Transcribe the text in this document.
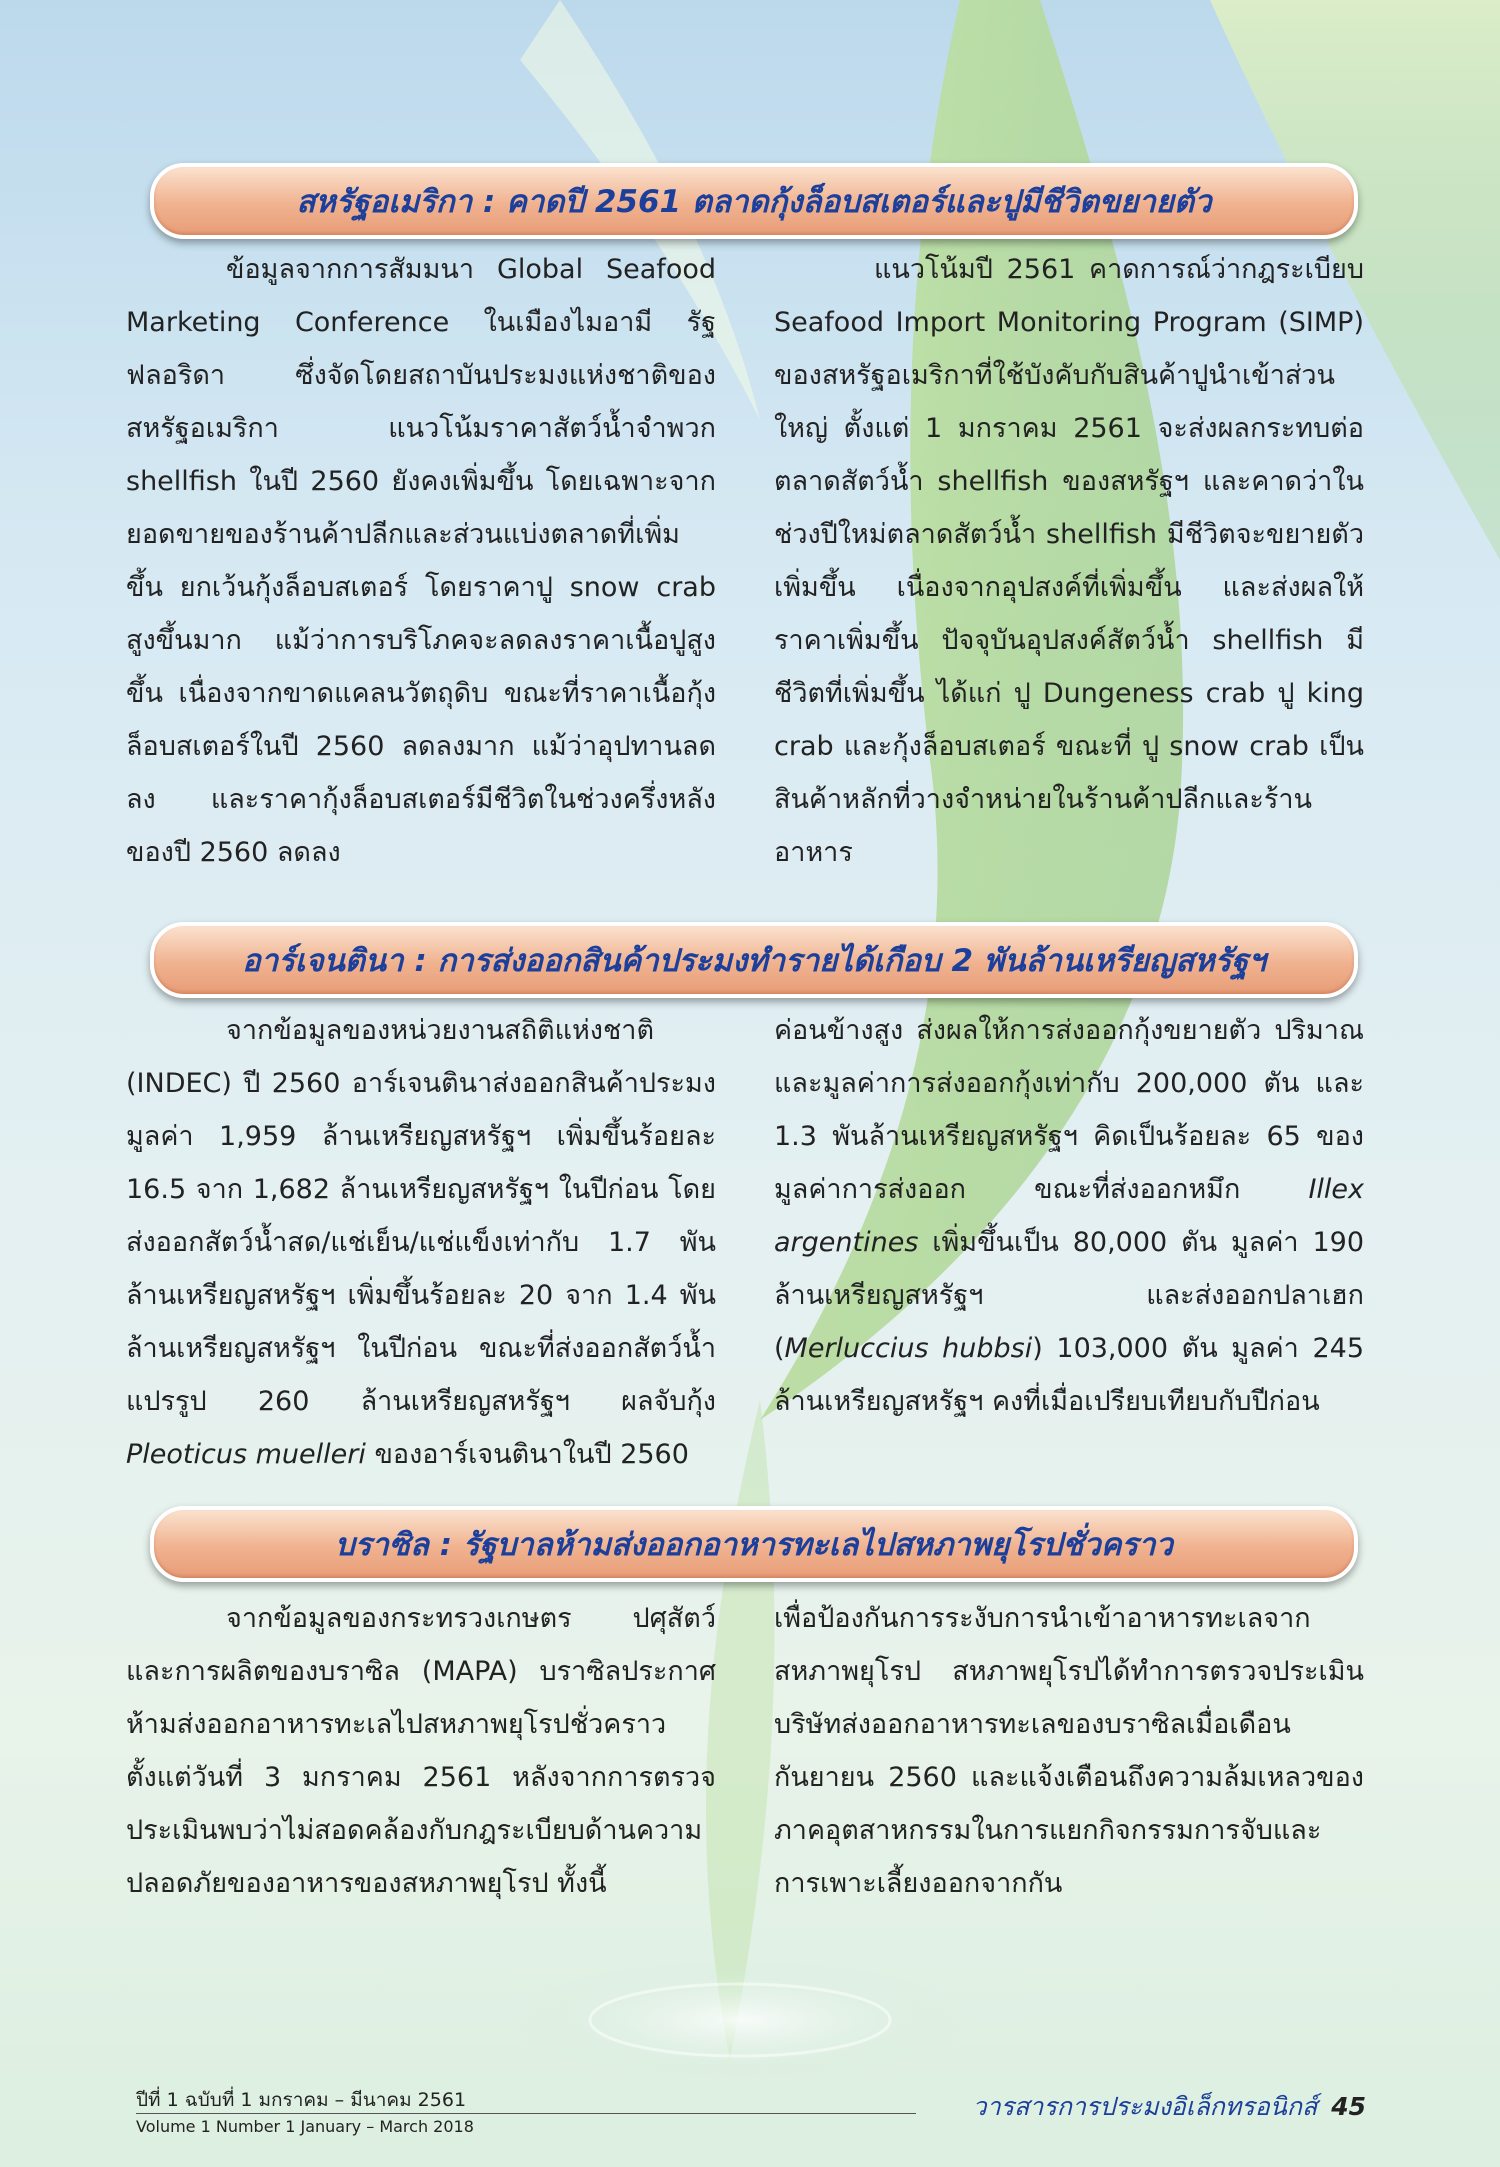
สหรัฐอเมริกา : คาดปี 2561 ตลาดกุ้งล็อบสเตอร์และปูมีชีวิตขยายตัว

ข้อมูลจากการสัมมนา Global Seafood Marketing Conference ในเมืองไมอามี รัฐฟลอริดา ซึ่งจัดโดยสถาบันประมงแห่งชาติของสหรัฐอเมริกา แนวโน้มราคาสัตว์น้ำจำพวก shellfish ในปี 2560 ยังคงเพิ่มขึ้น โดยเฉพาะจากยอดขายของร้านค้าปลีกและส่วนแบ่งตลาดที่เพิ่มขึ้น ยกเว้นกุ้งล็อบสเตอร์ โดยราคาปู snow crab สูงขึ้นมาก แม้ว่าการบริโภคจะลดลงราคาเนื้อปูสูงขึ้น เนื่องจากขาดแคลนวัตถุดิบ ขณะที่ราคาเนื้อกุ้งล็อบสเตอร์ในปี 2560 ลดลงมาก แม้ว่าอุปทานลดลง และราคากุ้งล็อบสเตอร์มีชีวิตในช่วงครึ่งหลังของปี 2560 ลดลง

แนวโน้มปี 2561 คาดการณ์ว่ากฎระเบียบ Seafood Import Monitoring Program (SIMP) ของสหรัฐอเมริกาที่ใช้บังคับกับสินค้าปูนำเข้าส่วนใหญ่ ตั้งแต่ 1 มกราคม 2561 จะส่งผลกระทบต่อตลาดสัตว์น้ำ shellfish ของสหรัฐฯ และคาดว่าในช่วงปีใหม่ตลาดสัตว์น้ำ shellfish มีชีวิตจะขยายตัวเพิ่มขึ้น เนื่องจากอุปสงค์ที่เพิ่มขึ้น และส่งผลให้ ราคาเพิ่มขึ้น ปัจจุบันอุปสงค์สัตว์น้ำ shellfish มีชีวิตที่เพิ่มขึ้น ได้แก่ ปู Dungeness crab ปู king crab และกุ้งล็อบสเตอร์ ขณะที่ ปู snow crab เป็นสินค้าหลักที่วางจำหน่ายในร้านค้าปลีกและร้านอาหาร

อาร์เจนตินา : การส่งออกสินค้าประมงทำรายได้เกือบ 2 พันล้านเหรียญสหรัฐฯ

จากข้อมูลของหน่วยงานสถิติแห่งชาติ (INDEC) ปี 2560 อาร์เจนตินาส่งออกสินค้าประมงมูลค่า 1,959 ล้านเหรียญสหรัฐฯ เพิ่มขึ้นร้อยละ 16.5 จาก 1,682 ล้านเหรียญสหรัฐฯ ในปีก่อน โดยส่งออกสัตว์น้ำสด/แช่เย็น/แช่แข็งเท่ากับ 1.7 พันล้านเหรียญสหรัฐฯ เพิ่มขึ้นร้อยละ 20 จาก 1.4 พันล้านเหรียญสหรัฐฯ ในปีก่อน ขณะที่ส่งออกสัตว์น้ำแปรรูป 260 ล้านเหรียญสหรัฐฯ ผลจับกุ้ง Pleoticus muelleri ของอาร์เจนตินาในปี 2560

ค่อนข้างสูง ส่งผลให้การส่งออกกุ้งขยายตัว ปริมาณและมูลค่าการส่งออกกุ้งเท่ากับ 200,000 ตัน และ 1.3 พันล้านเหรียญสหรัฐฯ คิดเป็นร้อยละ 65 ของมูลค่าการส่งออก ขณะที่ส่งออกหมึก Illex argentines เพิ่มขึ้นเป็น 80,000 ตัน มูลค่า 190 ล้านเหรียญสหรัฐฯ และส่งออกปลาเฮก (Merluccius hubbsi) 103,000 ตัน มูลค่า 245 ล้านเหรียญสหรัฐฯ คงที่เมื่อเปรียบเทียบกับปีก่อน

บราซิล : รัฐบาลห้ามส่งออกอาหารทะเลไปสหภาพยุโรปชั่วคราว

จากข้อมูลของกระทรวงเกษตร ปศุสัตว์ และการผลิตของบราซิล (MAPA) บราซิลประกาศห้ามส่งออกอาหารทะเลไปสหภาพยุโรปชั่วคราว ตั้งแต่วันที่ 3 มกราคม 2561 หลังจากการตรวจประเมินพบว่าไม่สอดคล้องกับกฎระเบียบด้านความปลอดภัยของอาหารของสหภาพยุโรป ทั้งนี้

เพื่อป้องกันการระงับการนำเข้าอาหารทะเลจากสหภาพยุโรป สหภาพยุโรปได้ทำการตรวจประเมินบริษัทส่งออกอาหารทะเลของบราซิลเมื่อเดือนกันยายน 2560 และแจ้งเตือนถึงความล้มเหลวของภาคอุตสาหกรรมในการแยกกิจกรรมการจับและการเพาะเลี้ยงออกจากกัน

ปีที่ 1 ฉบับที่ 1 มกราคม – มีนาคม 2561
Volume 1 Number 1 January – March 2018
วารสารการประมงอิเล็กทรอนิกส์ 45
